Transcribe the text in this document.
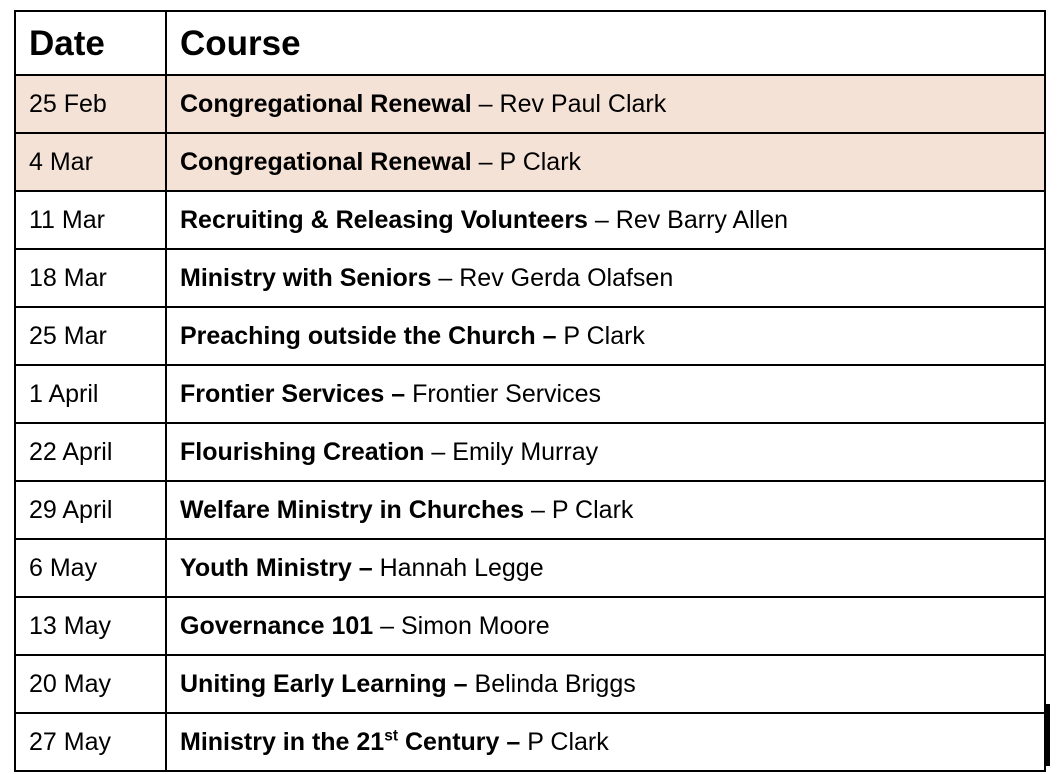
Date	Course
25 Feb	Congregational Renewal – Rev Paul Clark
4 Mar	Congregational Renewal – P Clark
11 Mar	Recruiting & Releasing Volunteers – Rev Barry Allen
18 Mar	Ministry with Seniors – Rev Gerda Olafsen
25 Mar	Preaching outside the Church – P Clark
1 April	Frontier Services – Frontier Services
22 April	Flourishing Creation – Emily Murray
29 April	Welfare Ministry in Churches – P Clark
6 May	Youth Ministry – Hannah Legge
13 May	Governance 101 – Simon Moore
20 May	Uniting Early Learning – Belinda Briggs
27 May	Ministry in the 21st Century – P Clark
